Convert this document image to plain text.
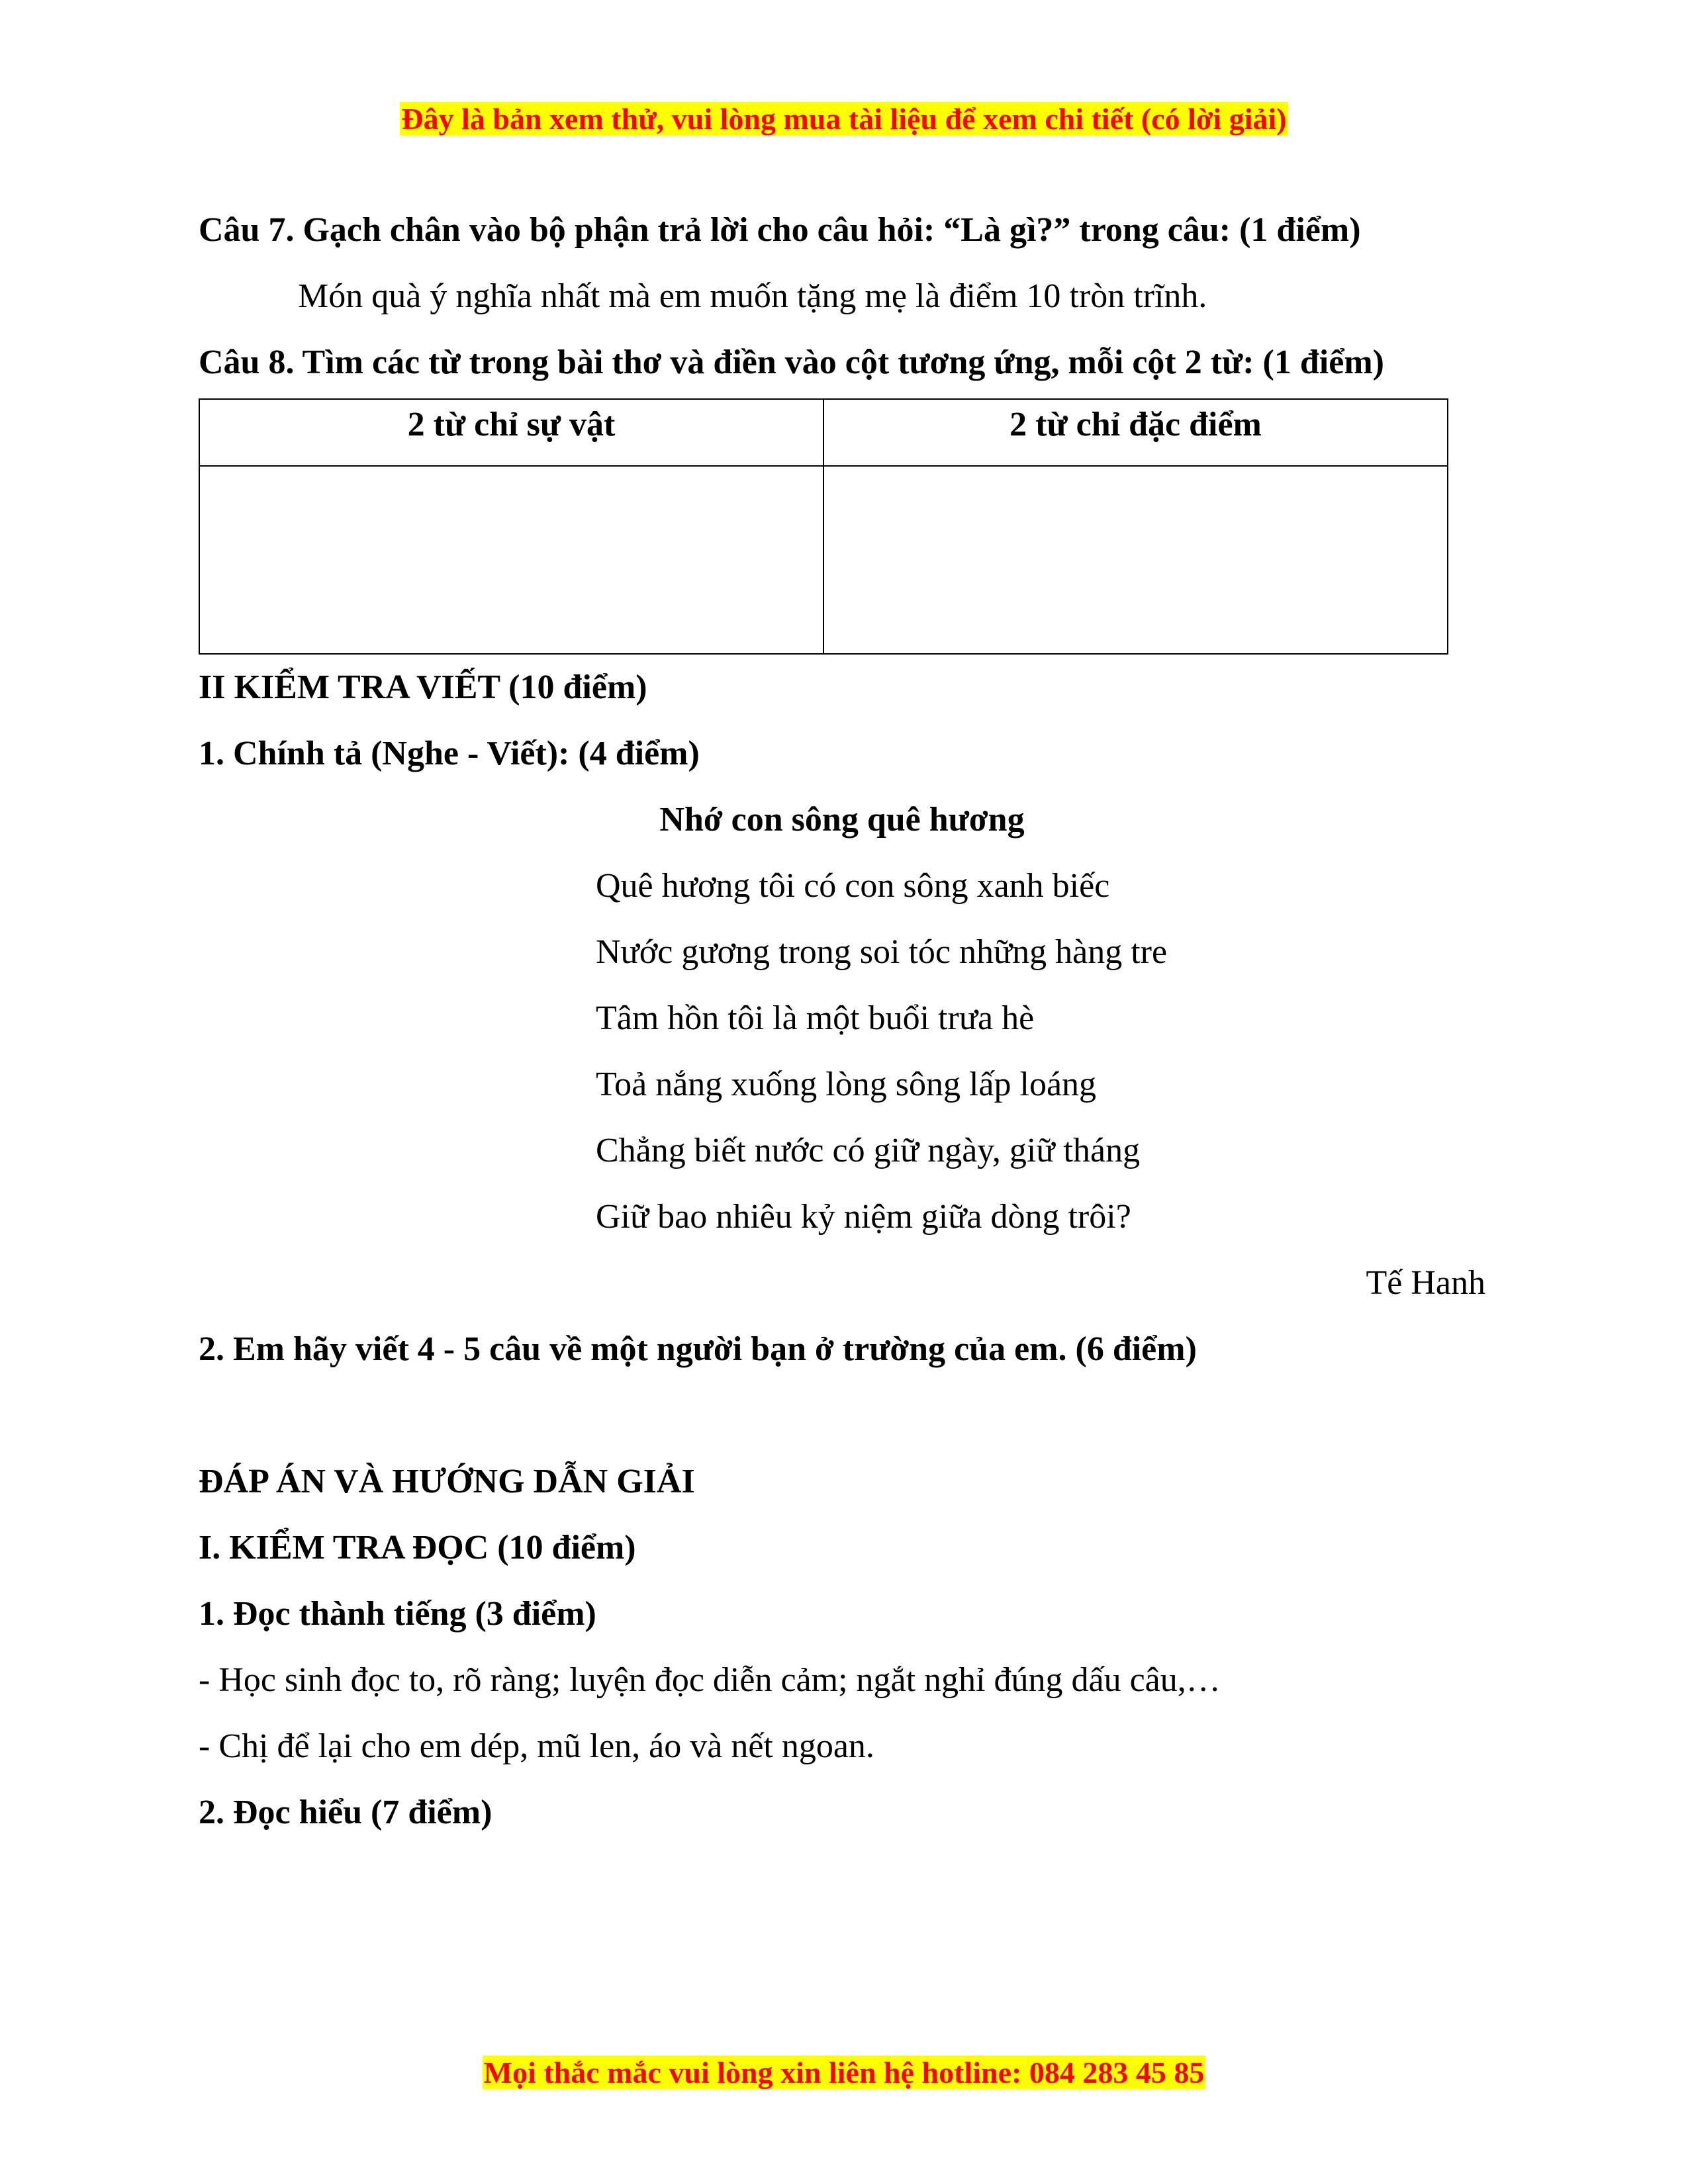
Đây là bản xem thử, vui lòng mua tài liệu để xem chi tiết (có lời giải)
Câu 7. Gạch chân vào bộ phận trả lời cho câu hỏi: “Là gì?” trong câu: (1 điểm)
Món quà ý nghĩa nhất mà em muốn tặng mẹ là điểm 10 tròn trĩnh.
Câu 8. Tìm các từ trong bài thơ và điền vào cột tương ứng, mỗi cột 2 từ: (1 điểm)
2 từ chỉ sự vật	2 từ chỉ đặc điểm

II KIỂM TRA VIẾT (10 điểm)
1. Chính tả (Nghe - Viết): (4 điểm)
Nhớ con sông quê hương
Quê hương tôi có con sông xanh biếc
Nước gương trong soi tóc những hàng tre
Tâm hồn tôi là một buổi trưa hè
Toả nắng xuống lòng sông lấp loáng
Chẳng biết nước có giữ ngày, giữ tháng
Giữ bao nhiêu kỷ niệm giữa dòng trôi?
Tế Hanh
2. Em hãy viết 4 - 5 câu về một người bạn ở trường của em. (6 điểm)
ĐÁP ÁN VÀ HƯỚNG DẪN GIẢI
I. KIỂM TRA ĐỌC (10 điểm)
1. Đọc thành tiếng (3 điểm)
- Học sinh đọc to, rõ ràng; luyện đọc diễn cảm; ngắt nghỉ đúng dấu câu,…
- Chị để lại cho em dép, mũ len, áo và nết ngoan.
2. Đọc hiểu (7 điểm)
Mọi thắc mắc vui lòng xin liên hệ hotline: 084 283 45 85
